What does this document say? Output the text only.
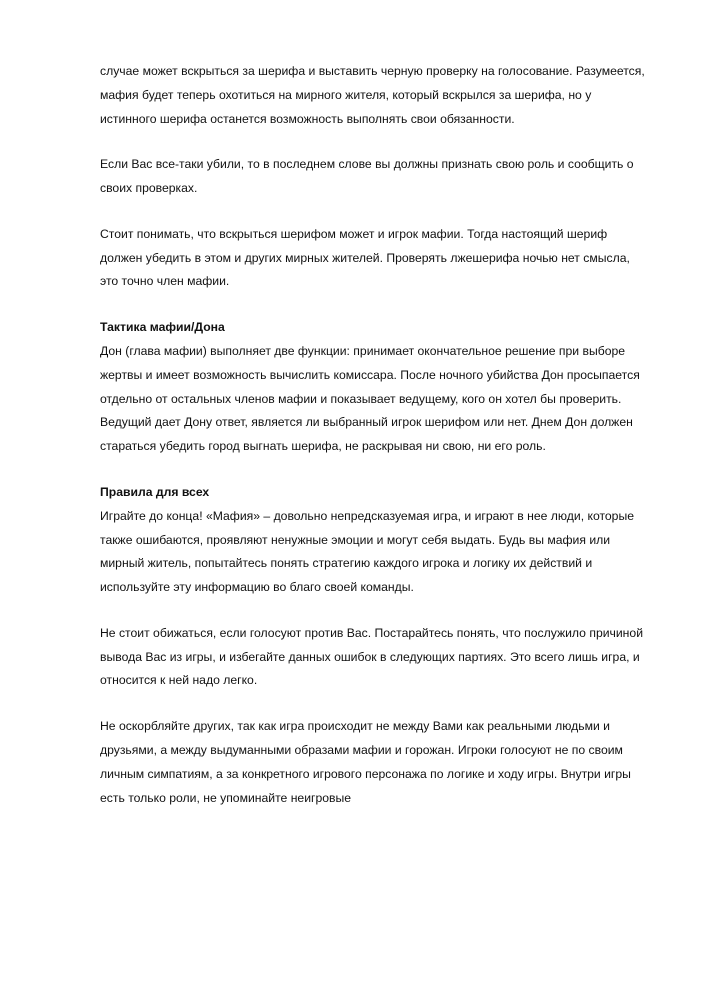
случае может вскрыться за шерифа и выставить черную проверку на голосование. Разумеется, мафия будет теперь охотиться на мирного жителя, который вскрылся за шерифа, но у истинного шерифа останется возможность выполнять свои обязанности.

Если Вас все-таки убили, то в последнем слове вы должны признать свою роль и сообщить о своих проверках.

Стоит понимать, что вскрыться шерифом может и игрок мафии. Тогда настоящий шериф должен убедить в этом и других мирных жителей. Проверять лжешерифа ночью нет смысла, это точно член мафии.

Тактика мафии/Дона

Дон (глава мафии) выполняет две функции: принимает окончательное решение при выборе жертвы и имеет возможность вычислить комиссара. После ночного убийства Дон просыпается отдельно от остальных членов мафии и показывает ведущему, кого он хотел бы проверить. Ведущий дает Дону ответ, является ли выбранный игрок шерифом или нет. Днем Дон должен стараться убедить город выгнать шерифа, не раскрывая ни свою, ни его роль.

Правила для всех

Играйте до конца! «Мафия» – довольно непредсказуемая игра, и играют в нее люди, которые также ошибаются, проявляют ненужные эмоции и могут себя выдать. Будь вы мафия или мирный житель, попытайтесь понять стратегию каждого игрока и логику их действий и используйте эту информацию во благо своей команды.

Не стоит обижаться, если голосуют против Вас. Постарайтесь понять, что послужило причиной вывода Вас из игры, и избегайте данных ошибок в следующих партиях. Это всего лишь игра, и относится к ней надо легко.

Не оскорбляйте других, так как игра происходит не между Вами как реальными людьми и друзьями, а между выдуманными образами мафии и горожан. Игроки голосуют не по своим личным симпатиям, а за конкретного игрового персонажа по логике и ходу игры. Внутри игры есть только роли, не упоминайте неигровые
